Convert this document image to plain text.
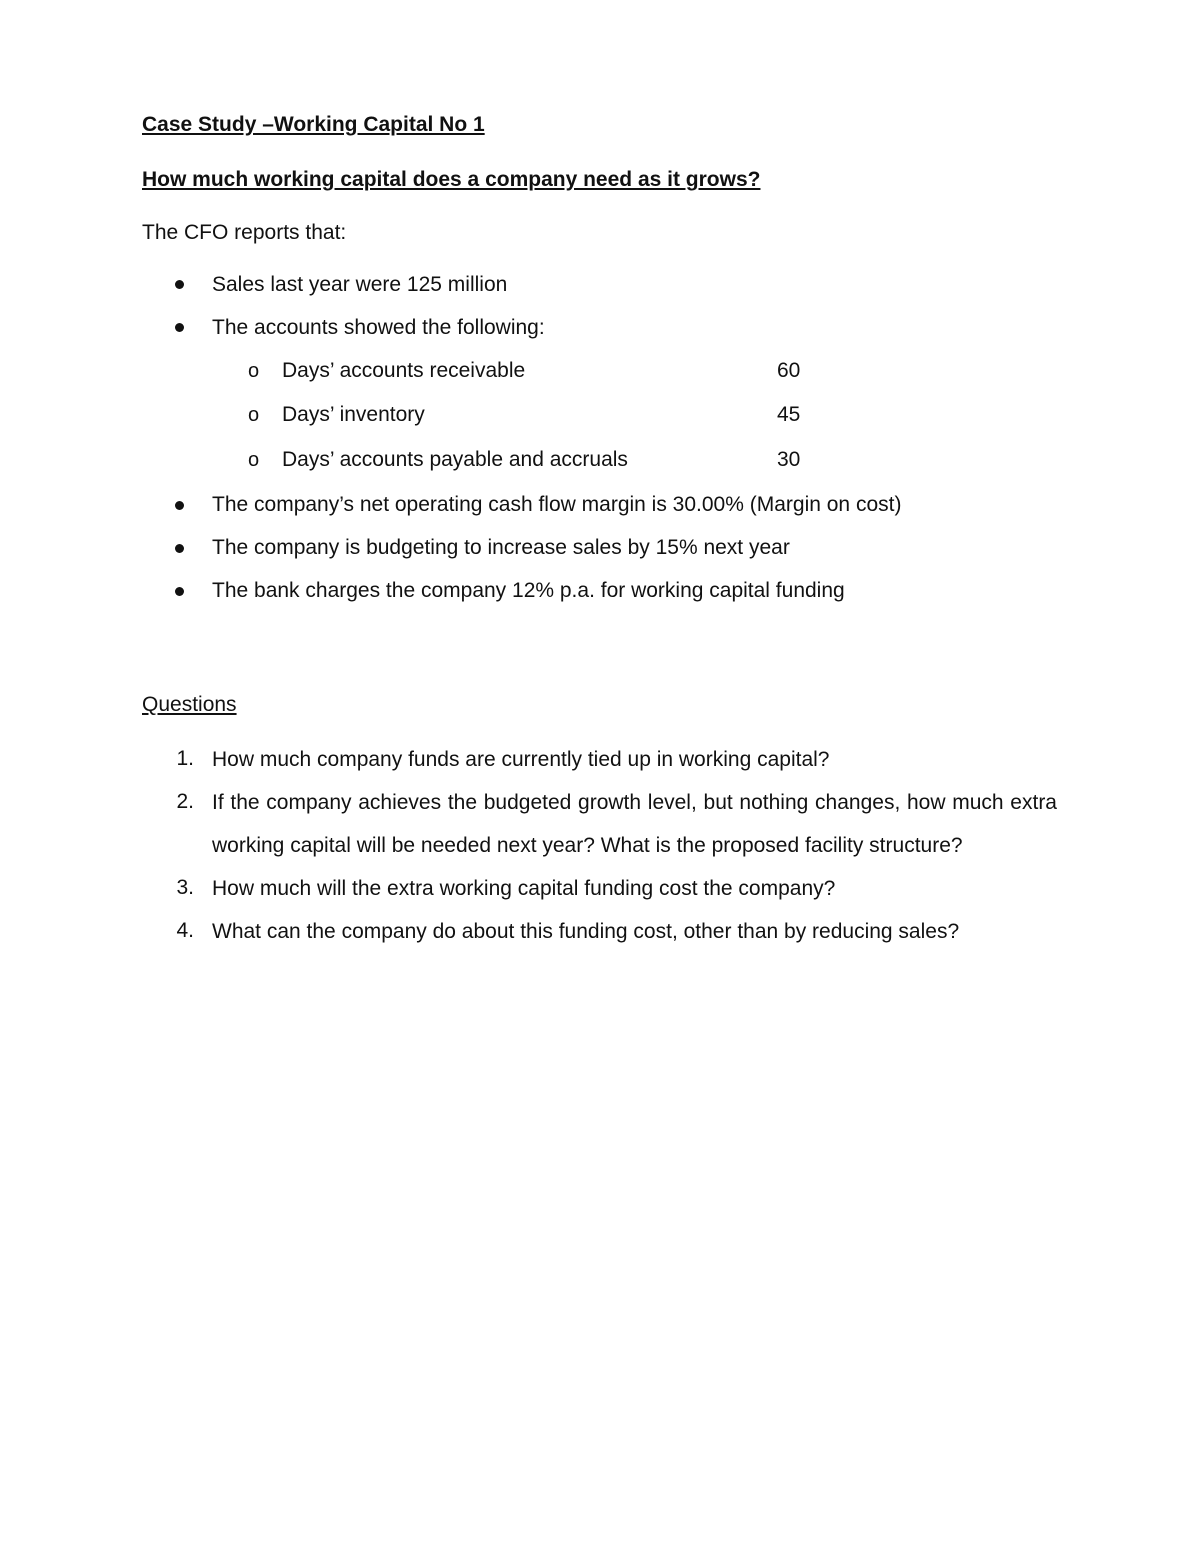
Case Study –Working Capital No 1
How much working capital does a company need as it grows?
The CFO reports that:
Sales last year were 125 million
The accounts showed the following:
o Days’ accounts receivable	60
o Days’ inventory	45
o Days’ accounts payable and accruals	30
The company’s net operating cash flow margin is 30.00% (Margin on cost)
The company is budgeting to increase sales by 15% next year
The bank charges the company 12% p.a. for working capital funding
Questions
1. How much company funds are currently tied up in working capital?
2. If the company achieves the budgeted growth level, but nothing changes, how much extra working capital will be needed next year? What is the proposed facility structure?
3. How much will the extra working capital funding cost the company?
4. What can the company do about this funding cost, other than by reducing sales?
